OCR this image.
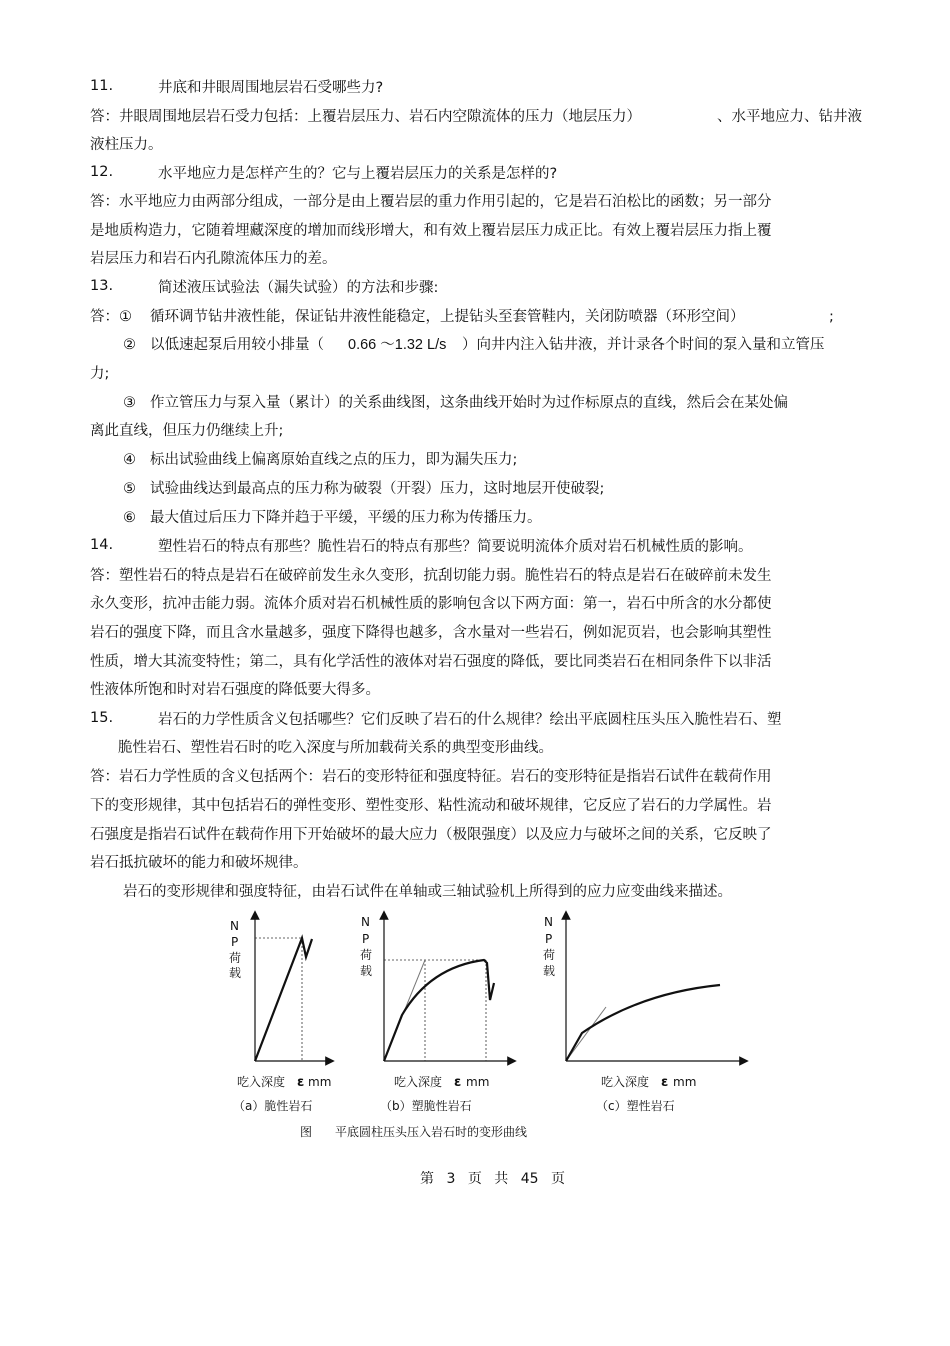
11.	井底和井眼周围地层岩石受哪些力?
答：井眼周围地层岩石受力包括：上覆岩层压力、岩石内空隙流体的压力（地层压力）	、水平地应力、钻井液
液柱压力。
12.	水平地应力是怎样产生的？它与上覆岩层压力的关系是怎样的?
答：水平地应力由两部分组成，一部分是由上覆岩层的重力作用引起的，它是岩石泊松比的函数；另一部分
是地质构造力，它随着埋藏深度的增加而线形增大，和有效上覆岩层压力成正比。有效上覆岩层压力指上覆
岩层压力和岩石内孔隙流体压力的差。
13.	简述液压试验法（漏失试验）的方法和步骤:
答：① 循环调节钻井液性能，保证钻井液性能稳定，上提钻头至套管鞋内，关闭防喷器（环形空间）	;
② 以低速起泵后用较小排量（ 0.66 ～1.32 L/s ）向井内注入钻井液，并计录各个时间的泵入量和立管压
力;
③ 作立管压力与泵入量（累计）的关系曲线图，这条曲线开始时为过作标原点的直线，然后会在某处偏
离此直线，但压力仍继续上升;
④ 标出试验曲线上偏离原始直线之点的压力，即为漏失压力;
⑤ 试验曲线达到最高点的压力称为破裂（开裂）压力，这时地层开使破裂;
⑥ 最大值过后压力下降并趋于平缓，平缓的压力称为传播压力。
14.	塑性岩石的特点有那些？脆性岩石的特点有那些？简要说明流体介质对岩石机械性质的影响。
答：塑性岩石的特点是岩石在破碎前发生永久变形，抗刮切能力弱。脆性岩石的特点是岩石在破碎前未发生
永久变形，抗冲击能力弱。流体介质对岩石机械性质的影响包含以下两方面：第一，岩石中所含的水分都使
岩石的强度下降，而且含水量越多，强度下降得也越多，含水量对一些岩石，例如泥页岩，也会影响其塑性
性质，增大其流变特性；第二，具有化学活性的液体对岩石强度的降低，要比同类岩石在相同条件下以非活
性液体所饱和时对岩石强度的降低要大得多。
15.	岩石的力学性质含义包括哪些？它们反映了岩石的什么规律？绘出平底圆柱压头压入脆性岩石、塑
脆性岩石、塑性岩石时的吃入深度与所加载荷关系的典型变形曲线。
答：岩石力学性质的含义包括两个：岩石的变形特征和强度特征。岩石的变形特征是指岩石试件在载荷作用
下的变形规律，其中包括岩石的弹性变形、塑性变形、粘性流动和破坏规律，它反应了岩石的力学属性。岩
石强度是指岩石试件在载荷作用下开始破坏的最大应力（极限强度）以及应力与破坏之间的关系，它反映了
岩石抵抗破坏的能力和破坏规律。
岩石的变形规律和强度特征，由岩石试件在单轴或三轴试验机上所得到的应力应变曲线来描述。
N
P
荷
载
吃入深度 ε mm
（a）脆性岩石
N
P
荷
载
吃入深度 ε mm
（b）塑脆性岩石
N
P
荷
载
吃入深度 ε mm
（c）塑性岩石
图 平底圆柱压头压入岩石时的变形曲线
第 3 页 共 45 页
